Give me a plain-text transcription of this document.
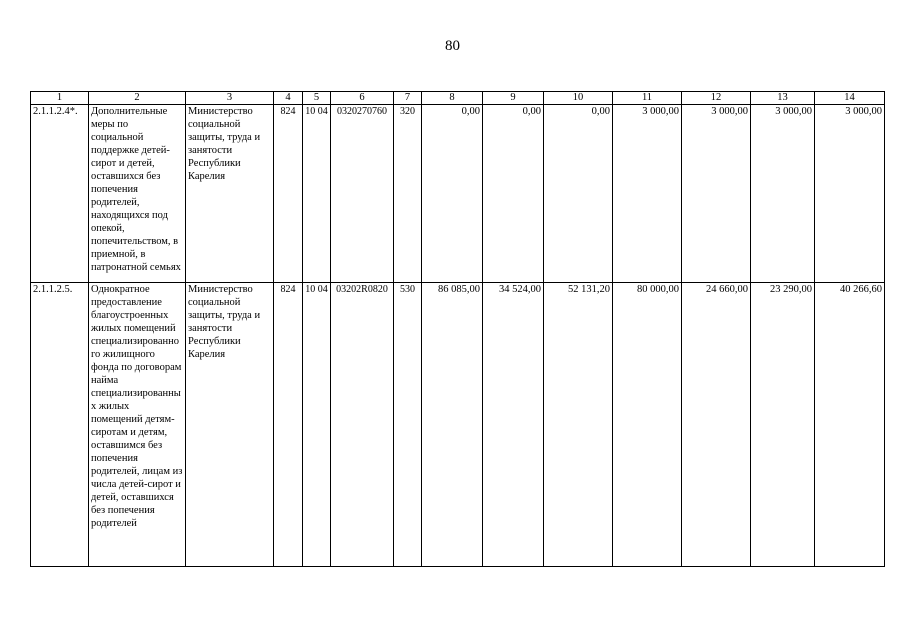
80
1	2	3	4	5	6	7	8	9	10	11	12	13	14
2.1.1.2.4*.	Дополнительные меры по социальной поддержке детей-сирот и детей, оставшихся без попечения родителей, находящихся под опекой, попечительством, в приемной, в патронатной семьях	Министерство социальной защиты, труда и занятости Республики Карелия	824	10 04	0320270760	320	0,00	0,00	0,00	3 000,00	3 000,00	3 000,00	3 000,00
2.1.1.2.5.	Однократное предоставление благоустроенных жилых помещений специализированного жилищного фонда по договорам найма специализированных жилых помещений детям-сиротам и детям, оставшимся без попечения родителей, лицам из числа детей-сирот и детей, оставшихся без попечения родителей	Министерство социальной защиты, труда и занятости Республики Карелия	824	10 04	03202R0820	530	86 085,00	34 524,00	52 131,20	80 000,00	24 660,00	23 290,00	40 266,60
